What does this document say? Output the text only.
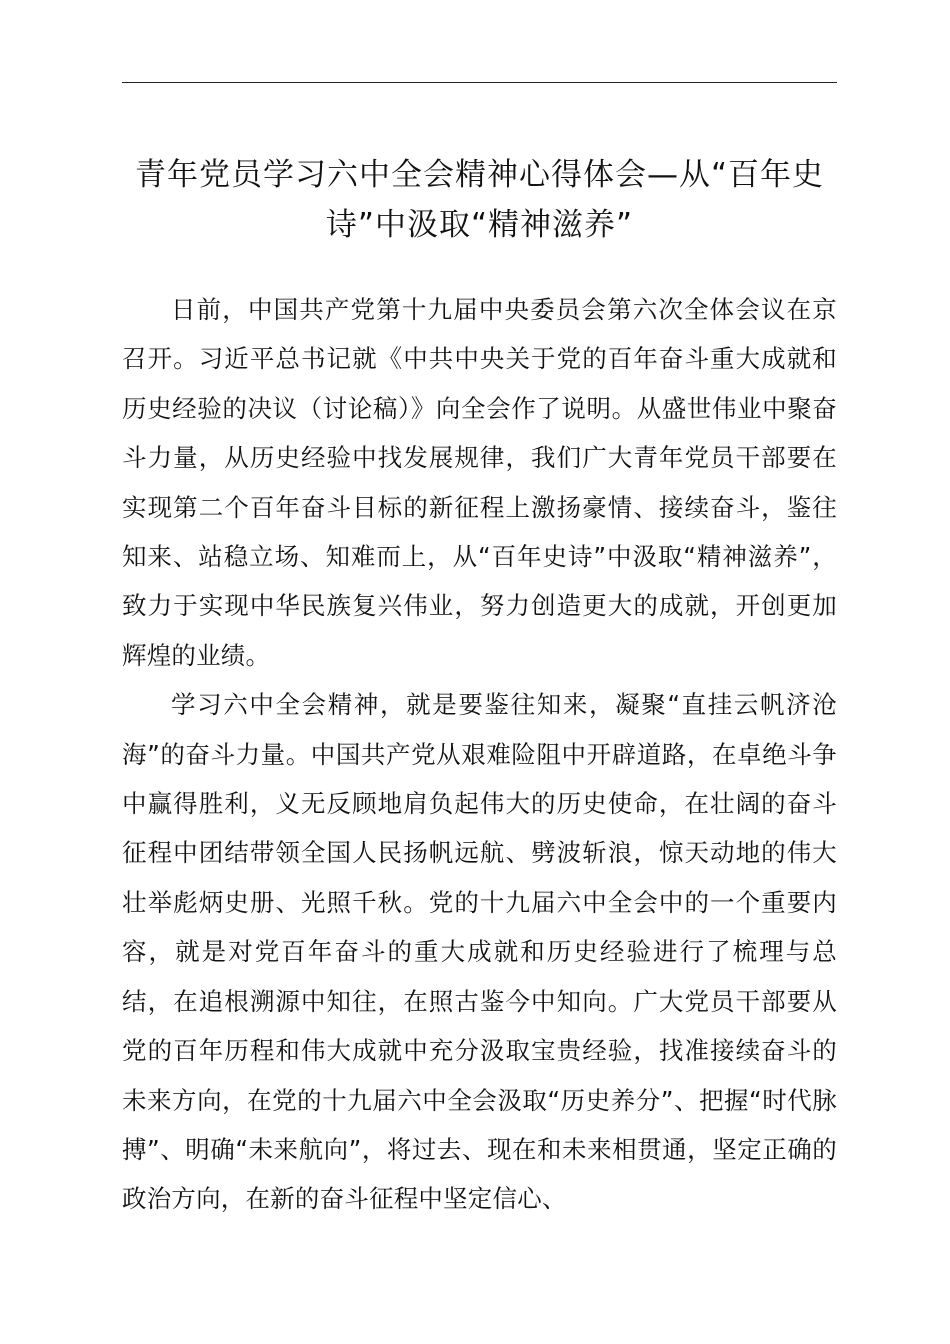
青年党员学习六中全会精神心得体会—从“百年史诗”中汲取“精神滋养”

日前，中国共产党第十九届中央委员会第六次全体会议在京召开。习近平总书记就《中共中央关于党的百年奋斗重大成就和历史经验的决议（讨论稿）》向全会作了说明。从盛世伟业中聚奋斗力量，从历史经验中找发展规律，我们广大青年党员干部要在实现第二个百年奋斗目标的新征程上激扬豪情、接续奋斗，鉴往知来、站稳立场、知难而上，从“百年史诗”中汲取“精神滋养”，致力于实现中华民族复兴伟业，努力创造更大的成就，开创更加辉煌的业绩。

学习六中全会精神，就是要鉴往知来，凝聚“直挂云帆济沧海”的奋斗力量。中国共产党从艰难险阻中开辟道路，在卓绝斗争中赢得胜利，义无反顾地肩负起伟大的历史使命，在壮阔的奋斗征程中团结带领全国人民扬帆远航、劈波斩浪，惊天动地的伟大壮举彪炳史册、光照千秋。党的十九届六中全会中的一个重要内容，就是对党百年奋斗的重大成就和历史经验进行了梳理与总结，在追根溯源中知往，在照古鉴今中知向。广大党员干部要从党的百年历程和伟大成就中充分汲取宝贵经验，找准接续奋斗的未来方向，在党的十九届六中全会汲取“历史养分”、把握“时代脉搏”、明确“未来航向”，将过去、现在和未来相贯通，坚定正确的政治方向，在新的奋斗征程中坚定信心、
